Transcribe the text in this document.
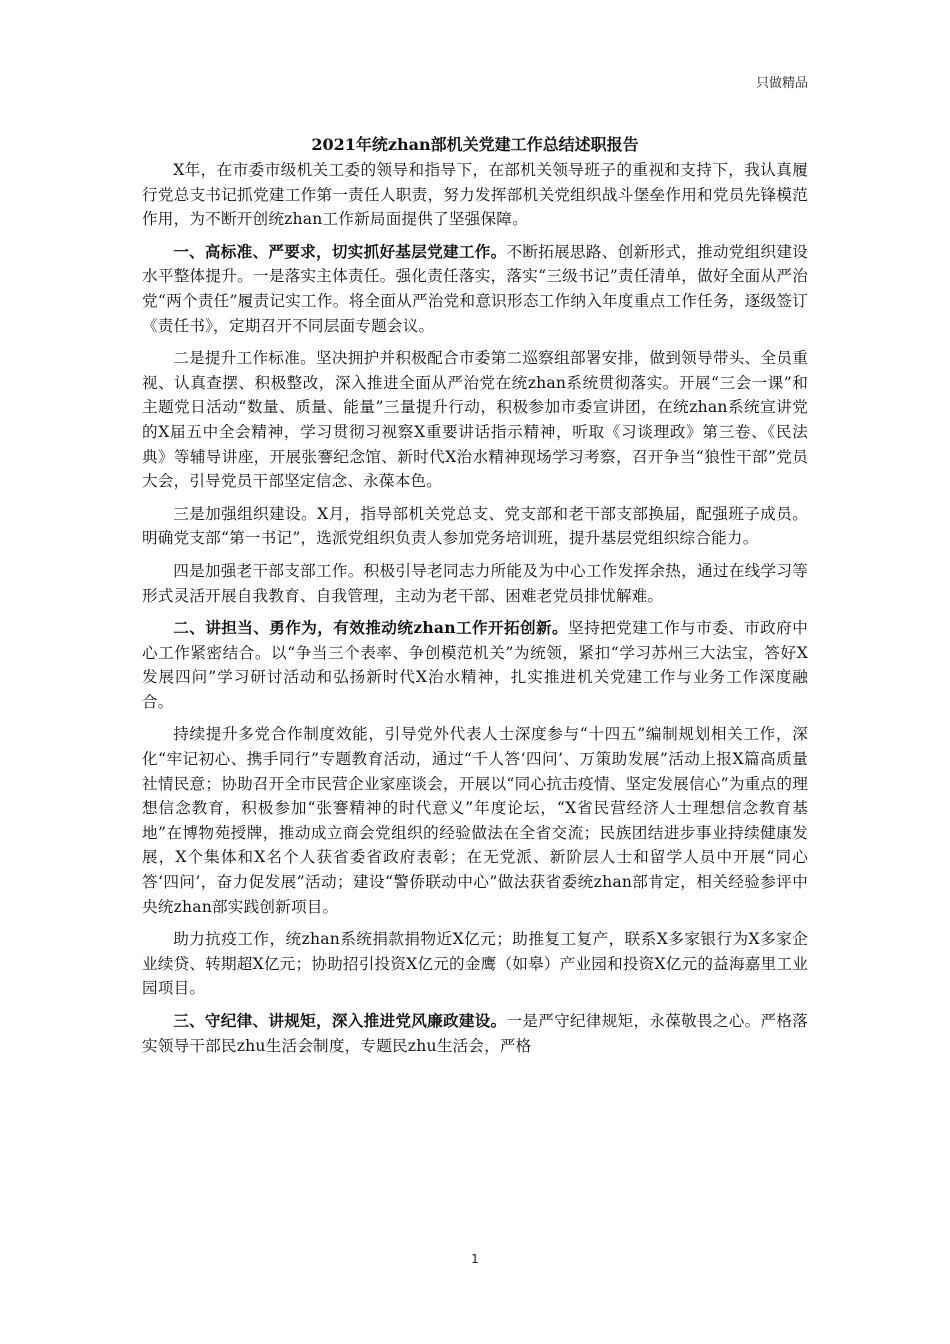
只做精品
2021年统zhan部机关党建工作总结述职报告

X年，在市委市级机关工委的领导和指导下，在部机关领导班子的重视和支持下，我认真履行党总支书记抓党建工作第一责任人职责，努力发挥部机关党组织战斗堡垒作用和党员先锋模范作用，为不断开创统zhan工作新局面提供了坚强保障。

一、高标准、严要求，切实抓好基层党建工作。不断拓展思路、创新形式，推动党组织建设水平整体提升。一是落实主体责任。强化责任落实，落实“三级书记”责任清单，做好全面从严治党“两个责任”履责记实工作。将全面从严治党和意识形态工作纳入年度重点工作任务，逐级签订《责任书》，定期召开不同层面专题会议。

二是提升工作标准。坚决拥护并积极配合市委第二巡察组部署安排，做到领导带头、全员重视、认真查摆、积极整改，深入推进全面从严治党在统zhan系统贯彻落实。开展“三会一课”和主题党日活动“数量、质量、能量”三量提升行动，积极参加市委宣讲团，在统zhan系统宣讲党的X届五中全会精神，学习贯彻习视察X重要讲话指示精神，听取《习谈理政》第三卷、《民法典》等辅导讲座，开展张謇纪念馆、新时代X治水精神现场学习考察，召开争当“狼性干部”党员大会，引导党员干部坚定信念、永葆本色。

三是加强组织建设。X月，指导部机关党总支、党支部和老干部支部换届，配强班子成员。明确党支部“第一书记”，选派党组织负责人参加党务培训班，提升基层党组织综合能力。

四是加强老干部支部工作。积极引导老同志力所能及为中心工作发挥余热，通过在线学习等形式灵活开展自我教育、自我管理，主动为老干部、困难老党员排忧解难。

二、讲担当、勇作为，有效推动统zhan工作开拓创新。坚持把党建工作与市委、市政府中心工作紧密结合。以“争当三个表率、争创模范机关”为统领，紧扣“学习苏州三大法宝，答好X发展四问”学习研讨活动和弘扬新时代X治水精神，扎实推进机关党建工作与业务工作深度融合。

持续提升多党合作制度效能，引导党外代表人士深度参与“十四五”编制规划相关工作，深化“牢记初心、携手同行”专题教育活动，通过“千人答‘四问’、万策助发展”活动上报X篇高质量社情民意；协助召开全市民营企业家座谈会，开展以“同心抗击疫情、坚定发展信心”为重点的理想信念教育，积极参加“张謇精神的时代意义”年度论坛，“X省民营经济人士理想信念教育基地”在博物苑授牌，推动成立商会党组织的经验做法在全省交流；民族团结进步事业持续健康发展，X个集体和X名个人获省委省政府表彰；在无党派、新阶层人士和留学人员中开展“同心答‘四问’，奋力促发展”活动；建设“警侨联动中心”做法获省委统zhan部肯定，相关经验参评中央统zhan部实践创新项目。

助力抗疫工作，统zhan系统捐款捐物近X亿元；助推复工复产，联系X多家银行为X多家企业续贷、转期超X亿元；协助招引投资X亿元的金鹰（如皋）产业园和投资X亿元的益海嘉里工业园项目。

三、守纪律、讲规矩，深入推进党风廉政建设。一是严守纪律规矩，永葆敬畏之心。严格落实领导干部民zhu生活会制度，专题民zhu生活会，严格

1
